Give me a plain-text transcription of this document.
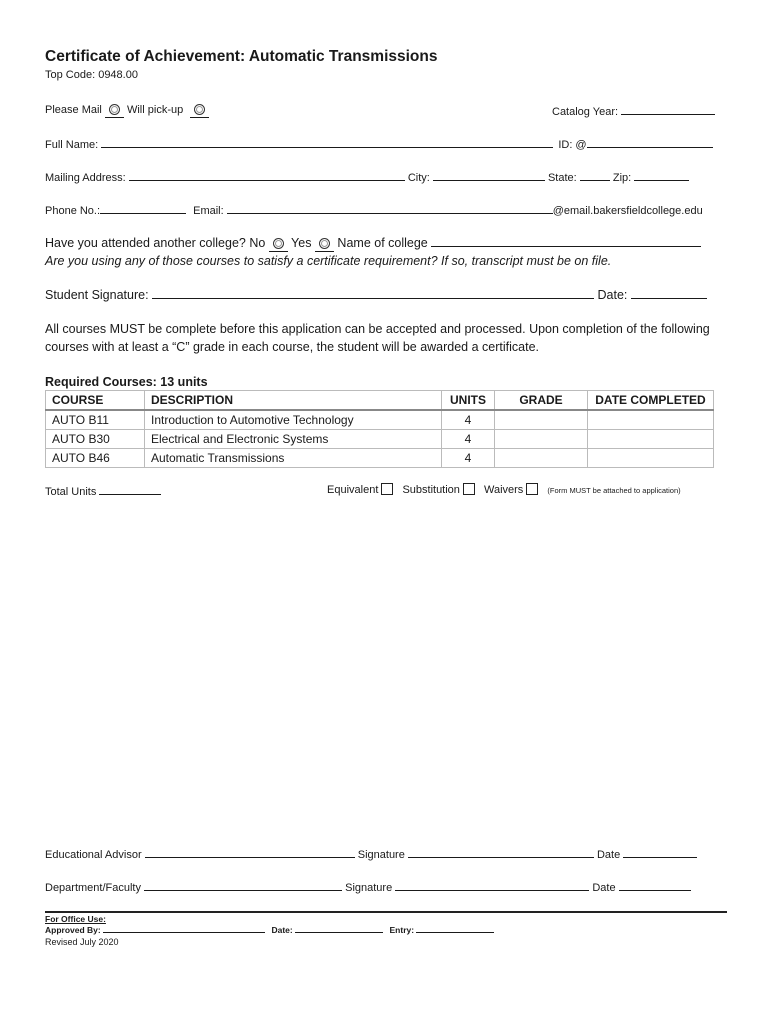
Certificate of Achievement: Automatic Transmissions
Top Code: 0948.00
Please Mail Will pick-up	Catalog Year:
Full Name:	ID: @
Mailing Address:	City:	State:	Zip:
Phone No.:	Email:	@email.bakersfieldcollege.edu
Have you attended another college? No Yes Name of college
Are you using any of those courses to satisfy a certificate requirement? If so, transcript must be on file.
Student Signature:	Date:
All courses MUST be complete before this application can be accepted and processed. Upon completion of the following
courses with at least a “C” grade in each course, the student will be awarded a certificate.
Required Courses: 13 units
COURSE	DESCRIPTION	UNITS	GRADE	DATE COMPLETED
AUTO B11	Introduction to Automotive Technology	4		
AUTO B30	Electrical and Electronic Systems	4		
AUTO B46	Automatic Transmissions	4		
Total Units	Equivalent Substitution Waivers	(Form MUST be attached to application)
Educational Advisor	Signature	Date
Department/Faculty	Signature	Date
For Office Use:
Approved By:	Date:	Entry:
Revised July 2020
